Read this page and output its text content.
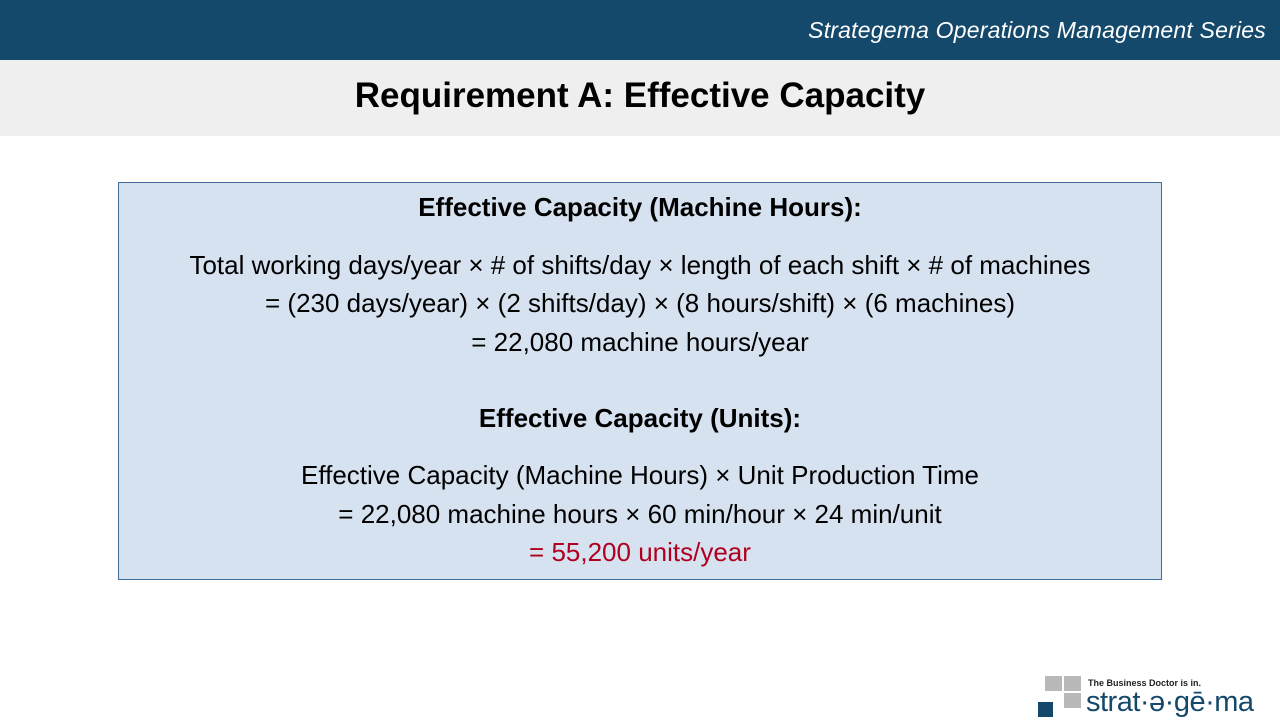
Strategema Operations Management Series
Requirement A: Effective Capacity
Effective Capacity (Machine Hours):
Total working days/year × # of shifts/day × length of each shift × # of machines
= (230 days/year) × (2 shifts/day) × (8 hours/shift) × (6 machines)
= 22,080 machine hours/year
Effective Capacity (Units):
Effective Capacity (Machine Hours) × Unit Production Time
= 22,080 machine hours × 60 min/hour × 24 min/unit
= 55,200 units/year
The Business Doctor is in.
strat·ə·gē·ma
